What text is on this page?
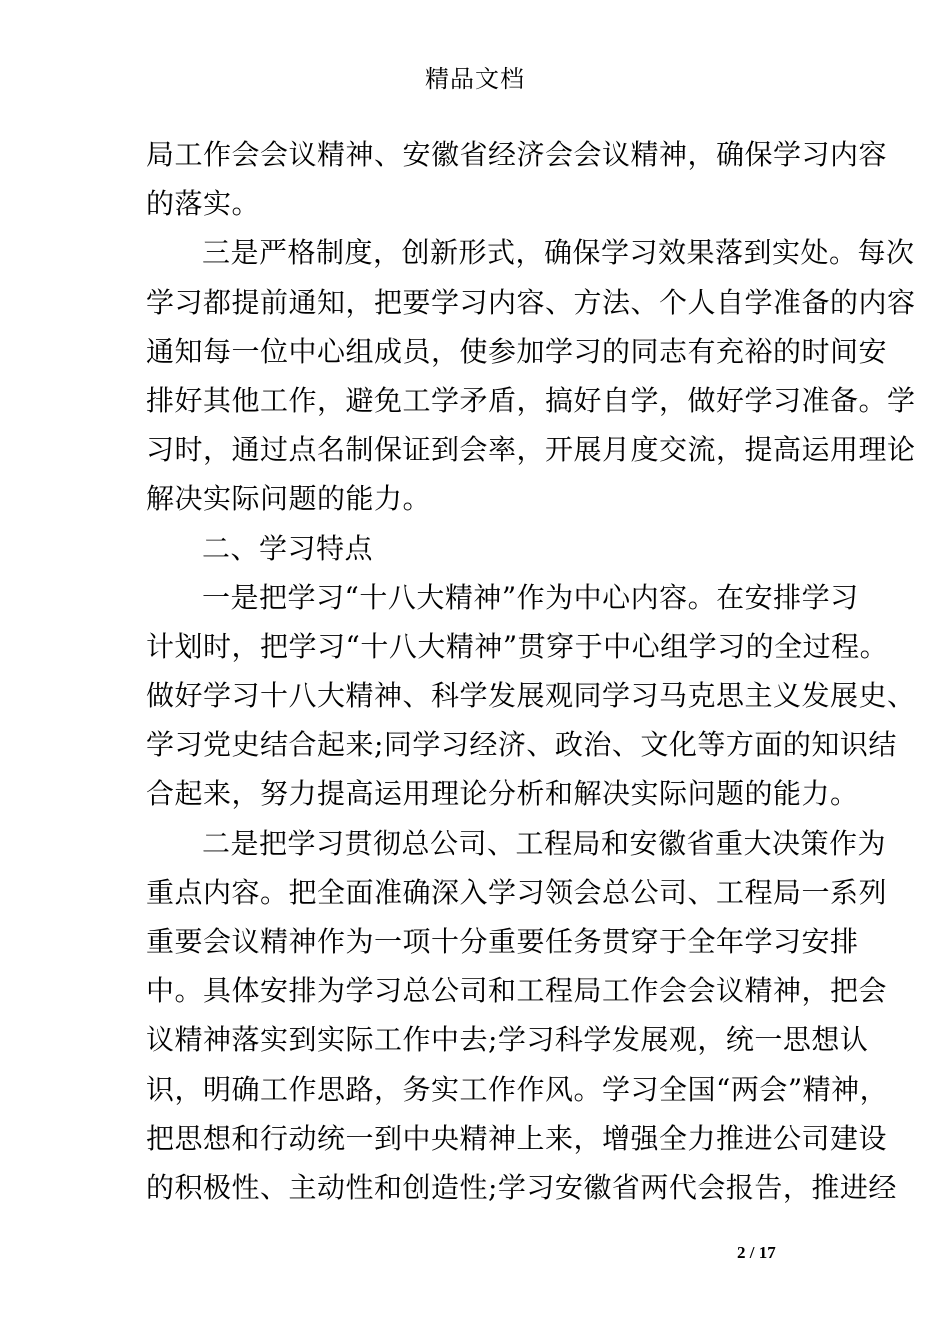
精品文档
局工作会会议精神、安徽省经济会会议精神，确保学习内容
的落实。
三是严格制度，创新形式，确保学习效果落到实处。每次
学习都提前通知，把要学习内容、方法、个人自学准备的内容
通知每一位中心组成员，使参加学习的同志有充裕的时间安
排好其他工作，避免工学矛盾，搞好自学，做好学习准备。学
习时，通过点名制保证到会率，开展月度交流，提高运用理论
解决实际问题的能力。
二、学习特点
一是把学习“十八大精神”作为中心内容。在安排学习
计划时，把学习“十八大精神”贯穿于中心组学习的全过程。
做好学习十八大精神、科学发展观同学习马克思主义发展史、
学习党史结合起来;同学习经济、政治、文化等方面的知识结
合起来，努力提高运用理论分析和解决实际问题的能力。
二是把学习贯彻总公司、工程局和安徽省重大决策作为
重点内容。把全面准确深入学习领会总公司、工程局一系列
重要会议精神作为一项十分重要任务贯穿于全年学习安排
中。具体安排为学习总公司和工程局工作会会议精神，把会
议精神落实到实际工作中去;学习科学发展观，统一思想认
识，明确工作思路，务实工作作风。学习全国“两会”精神，
把思想和行动统一到中央精神上来，增强全力推进公司建设
的积极性、主动性和创造性;学习安徽省两代会报告，推进经
2 / 17
